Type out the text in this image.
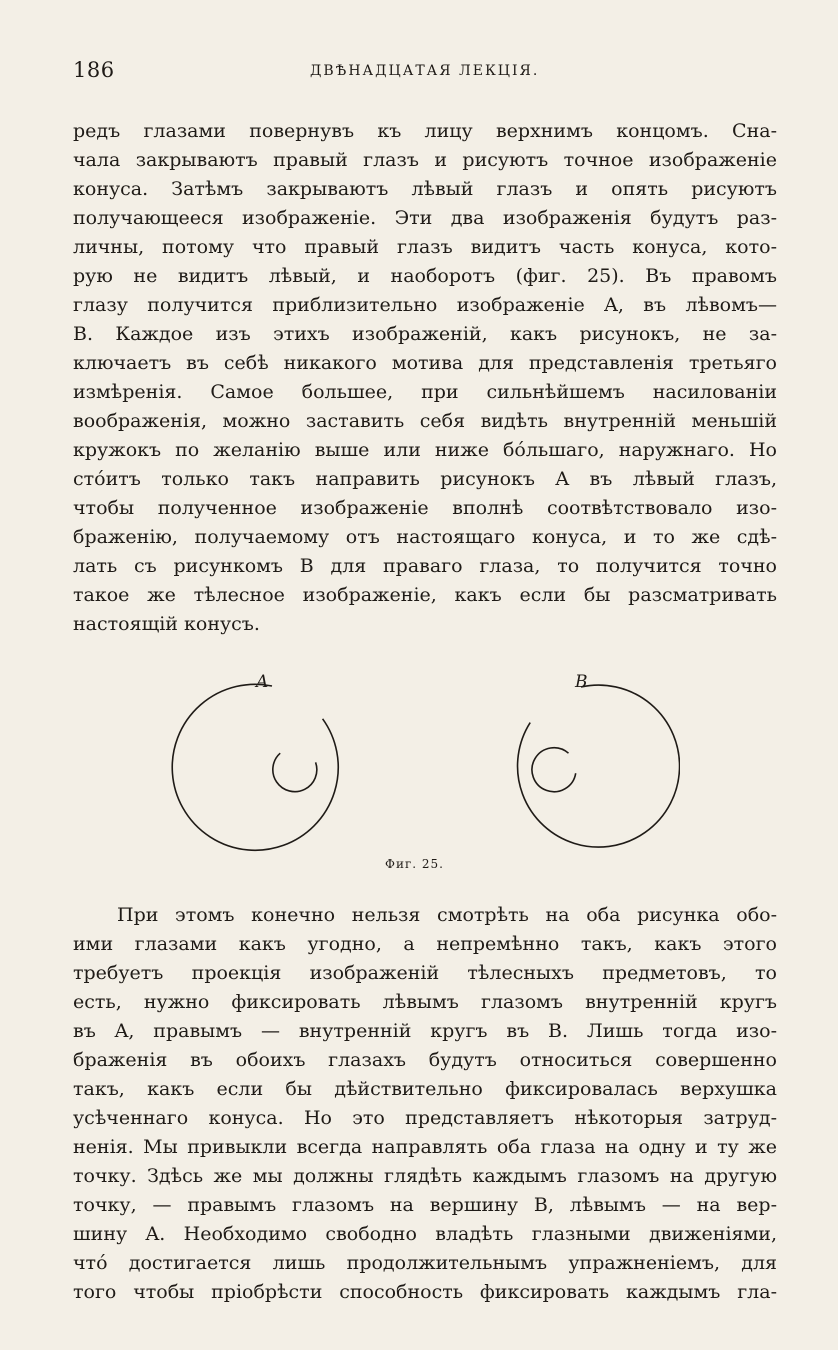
186	ДВѢНАДЦАТАЯ ЛЕКЦІЯ.
редъ глазами повернувъ къ лицу верхнимъ концомъ. Сна-
чала закрываютъ правый глазъ и рисуютъ точное изображеніе
конуса. Затѣмъ закрываютъ лѣвый глазъ и опять рисуютъ
получающееся изображеніе. Эти два изображенія будутъ раз-
личны, потому что правый глазъ видитъ часть конуса, кото-
рую не видитъ лѣвый, и наоборотъ (фиг. 25). Въ правомъ
глазу получится приблизительно изображеніе A, въ лѣвомъ—
B. Каждое изъ этихъ изображеній, какъ рисунокъ, не за-
ключаетъ въ себѣ никакого мотива для представленія третьяго
измѣренія. Самое большее, при сильнѣйшемъ насилованіи
воображенія, можно заставить себя видѣть внутренній меньшій
кружокъ по желанію выше или ниже бо́льшаго, наружнаго. Но
сто́итъ только такъ направить рисунокъ A въ лѣвый глазъ,
чтобы полученное изображеніе вполнѣ соотвѣтствовало изо-
браженію, получаемому отъ настоящаго конуса, и то же сдѣ-
лать съ рисункомъ B для праваго глаза, то получится точно
такое же тѣлесное изображеніе, какъ если бы разсматривать
настоящій конусъ.
A	B
Фиг. 25.
При этомъ конечно нельзя смотрѣть на оба рисунка обо-
ими глазами какъ угодно, а непремѣнно такъ, какъ этого
требуетъ проекція изображеній тѣлесныхъ предметовъ, то
есть, нужно фиксировать лѣвымъ глазомъ внутренній кругъ
въ A, правымъ — внутренній кругъ въ B. Лишь тогда изо-
браженія въ обоихъ глазахъ будутъ относиться совершенно
такъ, какъ если бы дѣйствительно фиксировалась верхушка
усѣченнаго конуса. Но это представляетъ нѣкоторыя затруд-
ненія. Мы привыкли всегда направлять оба глаза на одну и ту же
точку. Здѣсь же мы должны глядѣть каждымъ глазомъ на другую
точку, — правымъ глазомъ на вершину B, лѣвымъ — на вер-
шину A. Необходимо свободно владѣть глазными движеніями,
что́ достигается лишь продолжительнымъ упражненіемъ, для
того чтобы пріобрѣсти способность фиксировать каждымъ гла-
